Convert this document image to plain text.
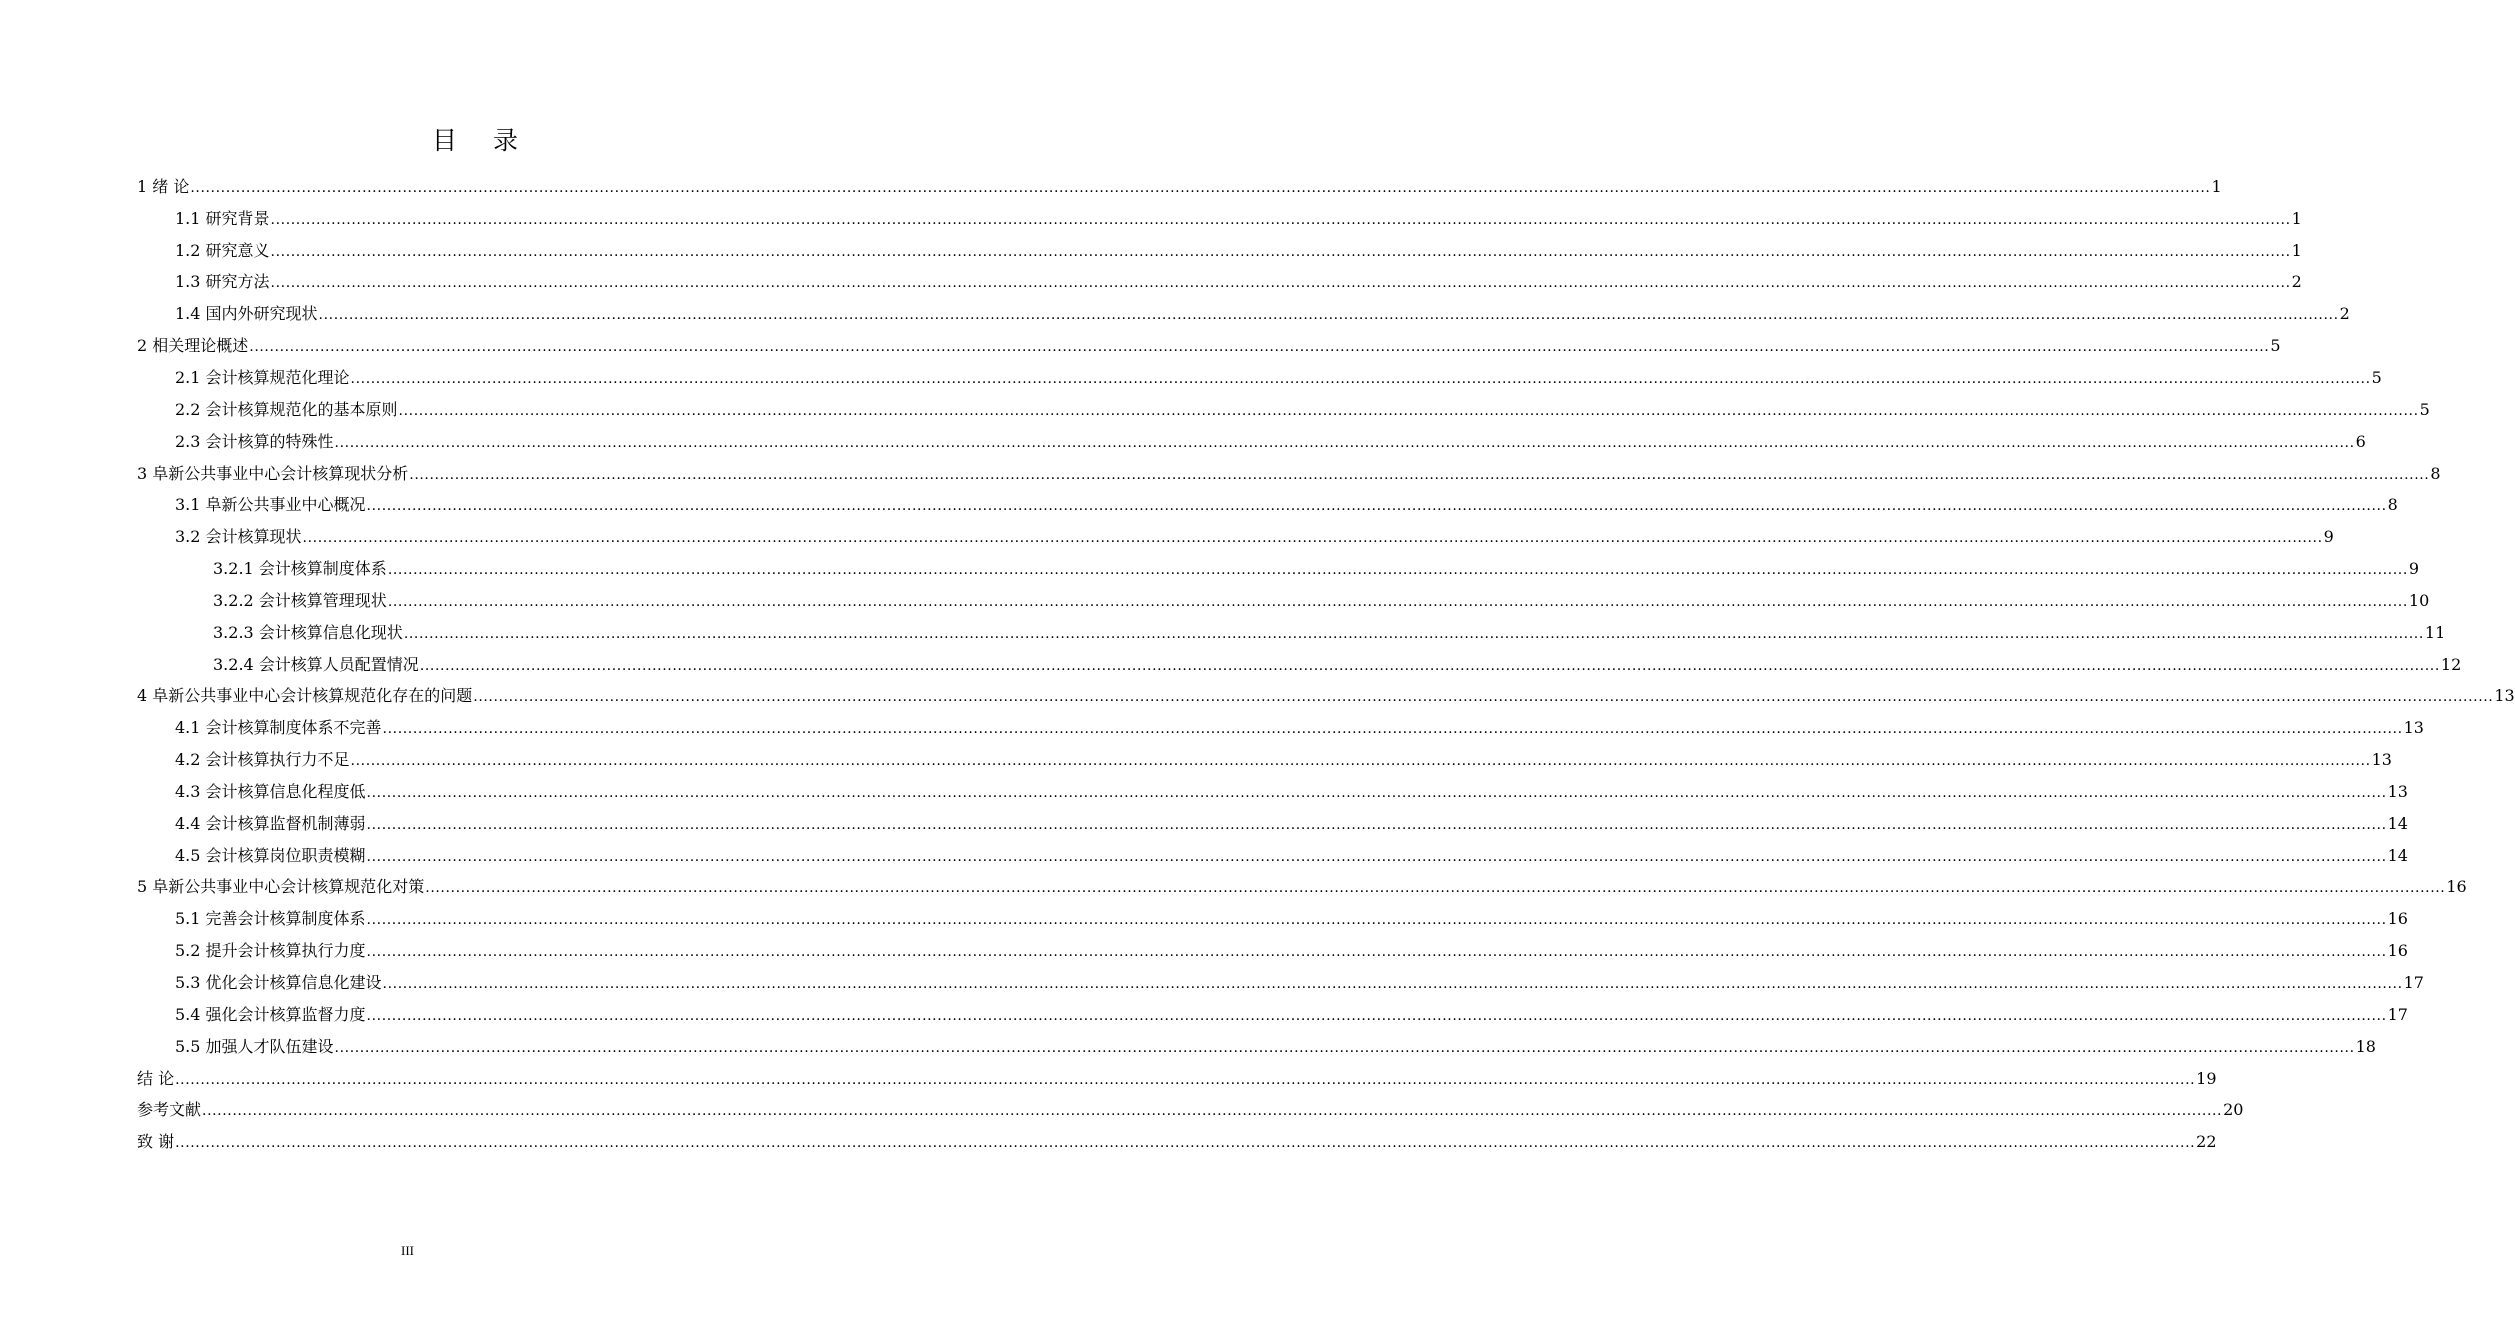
目 录
1 绪 论 ................................................................................................................................................................................................................................................................................................................................................................................................................ 1
1.1 研究背景 ................................................................................................................................................................................................................................................................................................................................................................................................................ 1
1.2 研究意义 ................................................................................................................................................................................................................................................................................................................................................................................................................ 1
1.3 研究方法 ................................................................................................................................................................................................................................................................................................................................................................................................................ 2
1.4 国内外研究现状 ................................................................................................................................................................................................................................................................................................................................................................................................................ 2
2 相关理论概述 ................................................................................................................................................................................................................................................................................................................................................................................................................ 5
2.1 会计核算规范化理论 ................................................................................................................................................................................................................................................................................................................................................................................................................ 5
2.2 会计核算规范化的基本原则 ................................................................................................................................................................................................................................................................................................................................................................................................................ 5
2.3 会计核算的特殊性 ................................................................................................................................................................................................................................................................................................................................................................................................................ 6
3 阜新公共事业中心会计核算现状分析 ................................................................................................................................................................................................................................................................................................................................................................................................................ 8
3.1 阜新公共事业中心概况 ................................................................................................................................................................................................................................................................................................................................................................................................................ 8
3.2 会计核算现状 ................................................................................................................................................................................................................................................................................................................................................................................................................ 9
3.2.1 会计核算制度体系 ................................................................................................................................................................................................................................................................................................................................................................................................................ 9
3.2.2 会计核算管理现状 ................................................................................................................................................................................................................................................................................................................................................................................................................ 10
3.2.3 会计核算信息化现状 ................................................................................................................................................................................................................................................................................................................................................................................................................ 11
3.2.4 会计核算人员配置情况 ................................................................................................................................................................................................................................................................................................................................................................................................................ 12
4 阜新公共事业中心会计核算规范化存在的问题 ................................................................................................................................................................................................................................................................................................................................................................................................................ 13
4.1 会计核算制度体系不完善 ................................................................................................................................................................................................................................................................................................................................................................................................................ 13
4.2 会计核算执行力不足 ................................................................................................................................................................................................................................................................................................................................................................................................................ 13
4.3 会计核算信息化程度低 ................................................................................................................................................................................................................................................................................................................................................................................................................ 13
4.4 会计核算监督机制薄弱 ................................................................................................................................................................................................................................................................................................................................................................................................................ 14
4.5 会计核算岗位职责模糊 ................................................................................................................................................................................................................................................................................................................................................................................................................ 14
5 阜新公共事业中心会计核算规范化对策 ................................................................................................................................................................................................................................................................................................................................................................................................................ 16
5.1 完善会计核算制度体系 ................................................................................................................................................................................................................................................................................................................................................................................................................ 16
5.2 提升会计核算执行力度 ................................................................................................................................................................................................................................................................................................................................................................................................................ 16
5.3 优化会计核算信息化建设 ................................................................................................................................................................................................................................................................................................................................................................................................................ 17
5.4 强化会计核算监督力度 ................................................................................................................................................................................................................................................................................................................................................................................................................ 17
5.5 加强人才队伍建设 ................................................................................................................................................................................................................................................................................................................................................................................................................ 18
结 论 ................................................................................................................................................................................................................................................................................................................................................................................................................ 19
参考文献 ................................................................................................................................................................................................................................................................................................................................................................................................................ 20
致 谢 ................................................................................................................................................................................................................................................................................................................................................................................................................ 22
III
